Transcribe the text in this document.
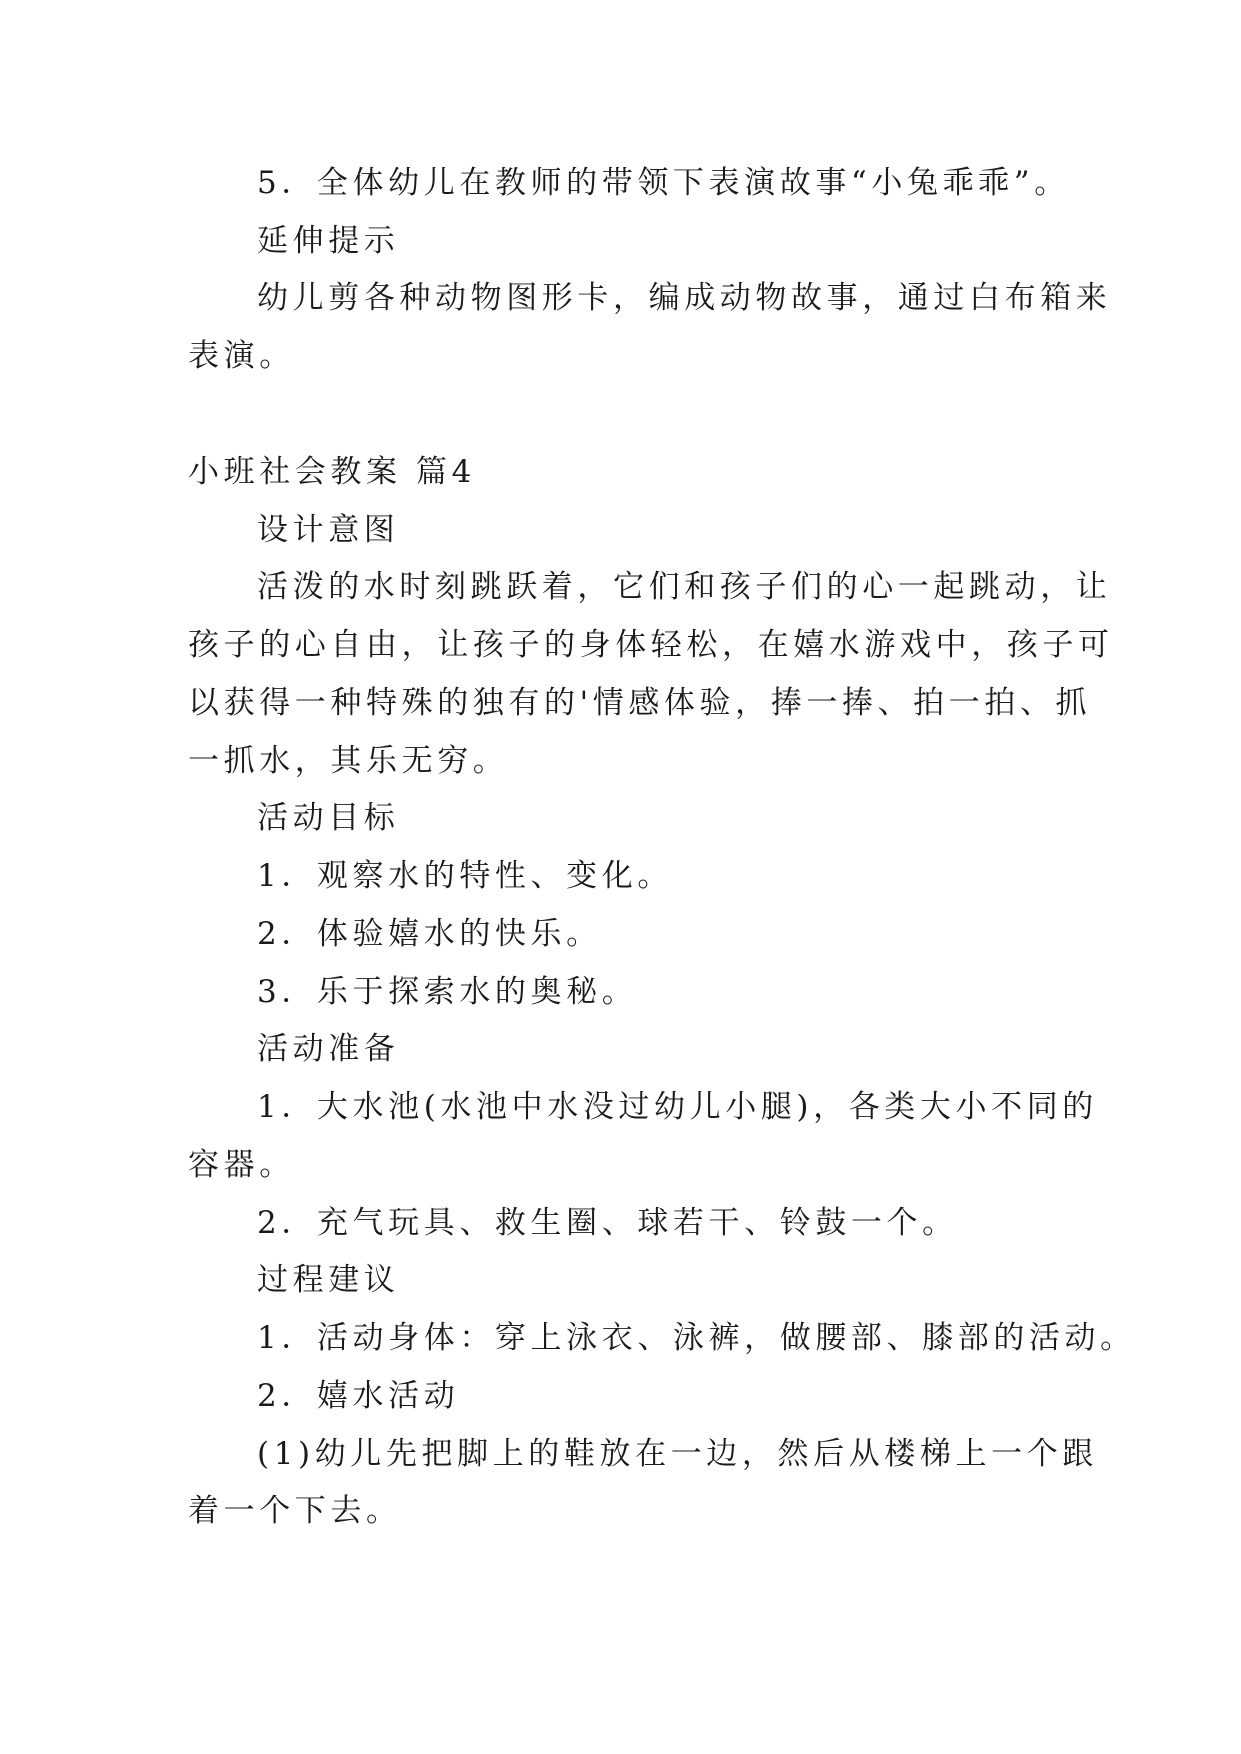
5．全体幼儿在教师的带领下表演故事“小兔乖乖”。
延伸提示
幼儿剪各种动物图形卡，编成动物故事，通过白布箱来
表演。
小班社会教案 篇4
设计意图
活泼的水时刻跳跃着，它们和孩子们的心一起跳动，让
孩子的心自由，让孩子的身体轻松，在嬉水游戏中，孩子可
以获得一种特殊的独有的'情感体验，捧一捧、拍一拍、抓
一抓水，其乐无穷。
活动目标
1．观察水的特性、变化。
2．体验嬉水的快乐。
3．乐于探索水的奥秘。
活动准备
1．大水池(水池中水没过幼儿小腿)，各类大小不同的
容器。
2．充气玩具、救生圈、球若干、铃鼓一个。
过程建议
1．活动身体：穿上泳衣、泳裤，做腰部、膝部的活动。
2．嬉水活动
(1)幼儿先把脚上的鞋放在一边，然后从楼梯上一个跟
着一个下去。
